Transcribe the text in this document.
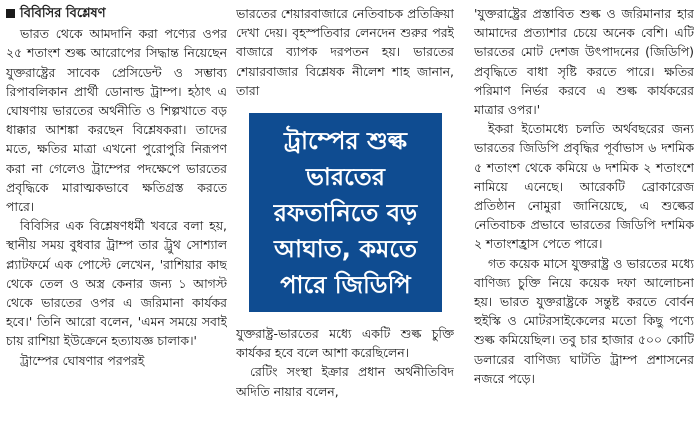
বিবিসির বিশ্লেষণ

ভারত থেকে আমদানি করা পণ্যের ওপর ২৫ শতাংশ শুল্ক আরোপের সিদ্ধান্ত নিয়েছেন যুক্তরাষ্ট্রের সাবেক প্রেসিডেন্ট ও সম্ভাব্য রিপাবলিকান প্রার্থী ডোনাল্ড ট্রাম্প। হঠাৎ এ ঘোষণায় ভারতের অর্থনীতি ও শিল্পখাতে বড় ধাক্কার আশঙ্কা করছেন বিশ্লেষকরা। তাদের মতে, ক্ষতির মাত্রা এখনো পুরোপুরি নিরূপণ করা না গেলেও ট্রাম্পের পদক্ষেপে ভারতের প্রবৃদ্ধিকে মারাত্মকভাবে ক্ষতিগ্রস্ত করতে পারে।

বিবিসির এক বিশ্লেষণধর্মী খবরে বলা হয়, স্থানীয় সময় বুধবার ট্রাম্প তার ট্রুথ সোশ্যাল প্ল্যাটফর্মে এক পোস্টে লেখেন, 'রাশিয়ার কাছ থেকে তেল ও অস্ত্র কেনার জন্য ১ আগস্ট থেকে ভারতের ওপর এ জরিমানা কার্যকর হবে।' তিনি আরো বলেন, 'এমন সময়ে সবাই চায় রাশিয়া ইউক্রেনে হত্যাযজ্ঞ চালাক।'

ট্রাম্পের ঘোষণার পরপরই

ভারতের শেয়ারবাজারে নেতিবাচক প্রতিক্রিয়া দেখা দেয়। বৃহস্পতিবার লেনদেন শুরুর পরই বাজারে ব্যাপক দরপতন হয়। ভারতের শেয়ারবাজার বিশ্লেষক নীলেশ শাহ জানান, তারা

যুক্তরাষ্ট্র-ভারতের মধ্যে একটি শুল্ক চুক্তি কার্যকর হবে বলে আশা করেছিলেন।

রেটিং সংস্থা ইক্রার প্রধান অর্থনীতিবিদ অদিতি নায়ার বলেন,

ট্রাম্পের শুল্ক ভারতের রফতানিতে বড় আঘাত, কমতে পারে জিডিপি

'যুক্তরাষ্ট্রের প্রস্তাবিত শুল্ক ও জরিমানার হার আমাদের প্রত্যাশার চেয়ে অনেক বেশি। এটি ভারতের মোট দেশজ উৎপাদনের (জিডিপি) প্রবৃদ্ধিতে বাধা সৃষ্টি করতে পারে। ক্ষতির পরিমাণ নির্ভর করবে এ শুল্ক কার্যকরের মাত্রার ওপর।'

ইকরা ইতোমধ্যে চলতি অর্থবছরের জন্য ভারতের জিডিপি প্রবৃদ্ধির পূর্বাভাস ৬ দশমিক ৫ শতাংশ থেকে কমিয়ে ৬ দশমিক ২ শতাংশে নামিয়ে এনেছে। আরেকটি ব্রোকারেজ প্রতিষ্ঠান নোমুরা জানিয়েছে, এ শুল্কের নেতিবাচক প্রভাবে ভারতের জিডিপি দশমিক ২ শতাংশহ্রাস পেতে পারে।

গত কয়েক মাসে যুক্তরাষ্ট্র ও ভারতের মধ্যে বাণিজ্য চুক্তি নিয়ে কয়েক দফা আলোচনা হয়। ভারত যুক্তরাষ্ট্রকে সন্তুষ্ট করতে বোর্বন হুইস্কি ও মোটরসাইকেলের মতো কিছু পণ্যে শুল্ক কমিয়েছিল। তবু চার হাজার ৫০০ কোটি ডলারের বাণিজ্য ঘাটতি ট্রাম্প প্রশাসনের নজরে পড়ে।
